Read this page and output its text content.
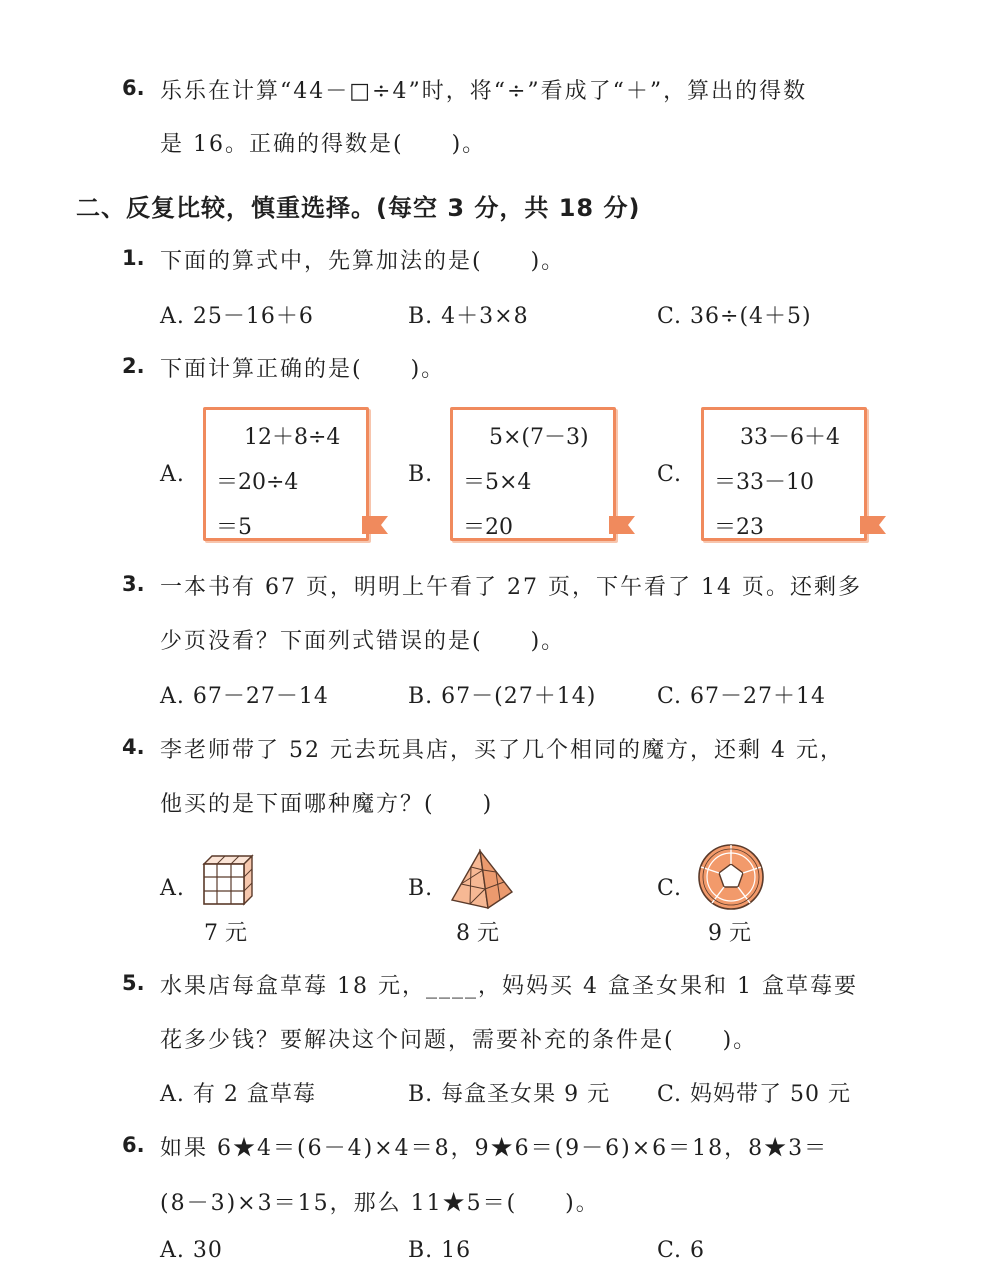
6. 乐乐在计算“44－□÷4”时，将“÷”看成了“＋”，算出的得数
是 16。正确的得数是(　　)。
二、反复比较，慎重选择。(每空 3 分，共 18 分)
1. 下面的算式中，先算加法的是(　　)。
A. 25－16＋6	B. 4＋3×8	C. 36÷(4＋5)
2. 下面计算正确的是(　　)。
A.
12＋8÷4
＝20÷4
＝5
B.
5×(7－3)
＝5×4
＝20
C.
33－6＋4
＝33－10
＝23
3. 一本书有 67 页，明明上午看了 27 页，下午看了 14 页。还剩多
少页没看？下面列式错误的是(　　)。
A. 67－27－14	B. 67－(27＋14)	C. 67－27＋14
4. 李老师带了 52 元去玩具店，买了几个相同的魔方，还剩 4 元，
他买的是下面哪种魔方？(　　)
A.
7 元
B.
8 元
C.
9 元
5. 水果店每盒草莓 18 元，____，妈妈买 4 盒圣女果和 1 盒草莓要
花多少钱？要解决这个问题，需要补充的条件是(　　)。
A. 有 2 盒草莓	B. 每盒圣女果 9 元 C. 妈妈带了 50 元
6. 如果 6★4＝(6－4)×4＝8，9★6＝(9－6)×6＝18，8★3＝
(8－3)×3＝15，那么 11★5＝(　　)。
A. 30	B. 16	C. 6
